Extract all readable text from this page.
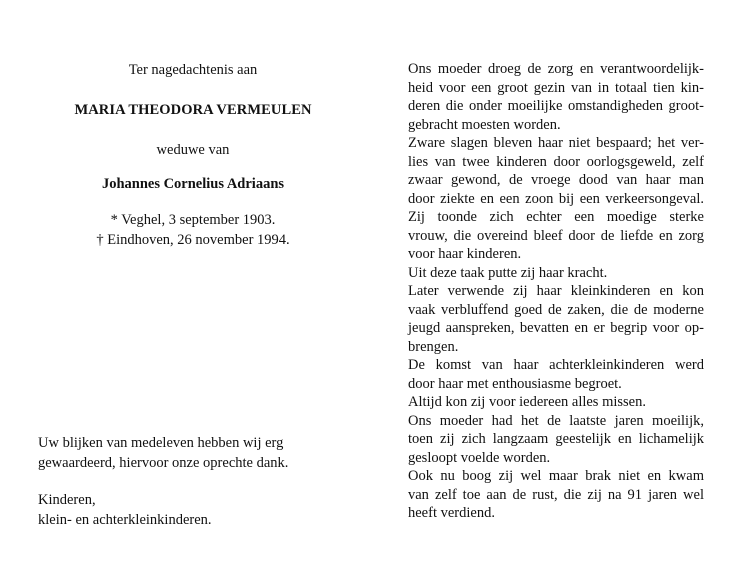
Ter nagedachtenis aan
MARIA THEODORA VERMEULEN
weduwe van
Johannes Cornelius Adriaans
* Veghel, 3 september 1903.
† Eindhoven, 26 november 1994.
Uw blijken van medeleven hebben wij erg
gewaardeerd, hiervoor onze oprechte dank.
Kinderen,
klein- en achterkleinkinderen.
Ons moeder droeg de zorg en verantwoordelijk-
heid voor een groot gezin van in totaal tien kin-
deren die onder moeilijke omstandigheden groot-
gebracht moesten worden.
Zware slagen bleven haar niet bespaard; het ver-
lies van twee kinderen door oorlogsgeweld, zelf
zwaar gewond, de vroege dood van haar man
door ziekte en een zoon bij een verkeersongeval.
Zij toonde zich echter een moedige sterke
vrouw, die overeind bleef door de liefde en zorg
voor haar kinderen.
Uit deze taak putte zij haar kracht.
Later verwende zij haar kleinkinderen en kon
vaak verbluffend goed de zaken, die de moderne
jeugd aanspreken, bevatten en er begrip voor op-
brengen.
De komst van haar achterkleinkinderen werd
door haar met enthousiasme begroet.
Altijd kon zij voor iedereen alles missen.
Ons moeder had het de laatste jaren moeilijk,
toen zij zich langzaam geestelijk en lichamelijk
gesloopt voelde worden.
Ook nu boog zij wel maar brak niet en kwam
van zelf toe aan de rust, die zij na 91 jaren wel
heeft verdiend.
